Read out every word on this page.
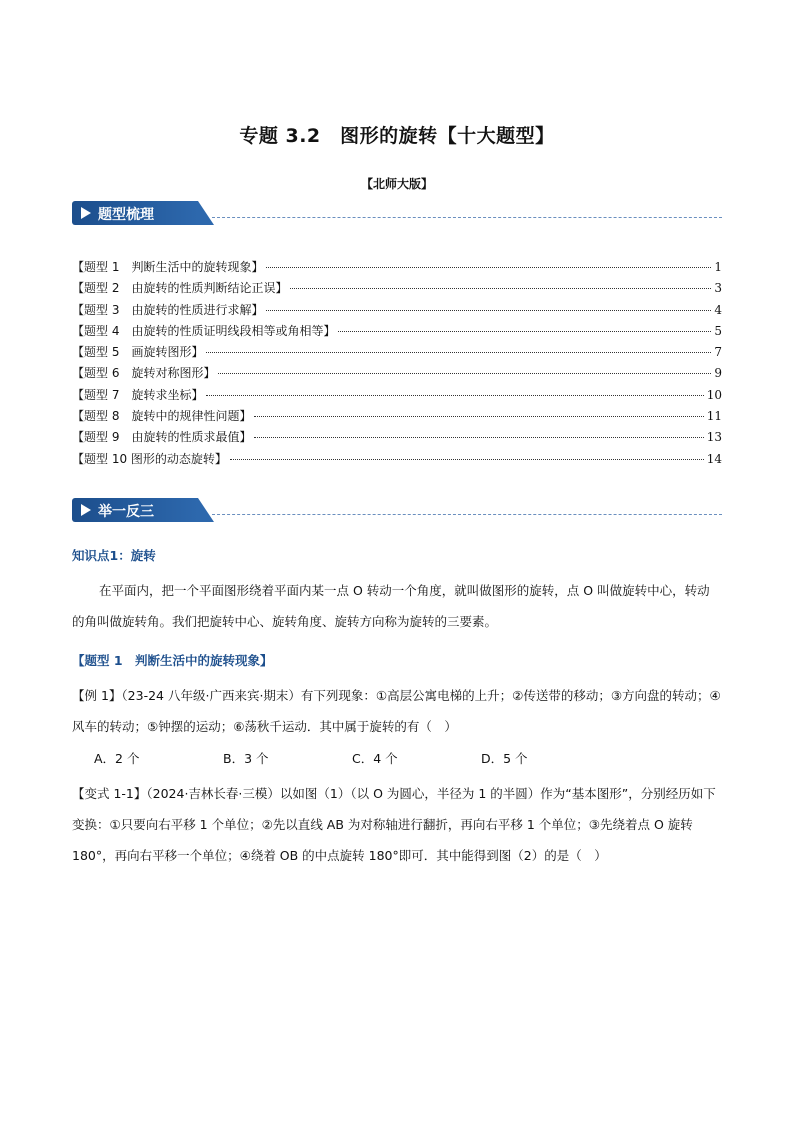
专题 3.2　图形的旋转【十大题型】
【北师大版】
题型梳理
【题型 1　判断生活中的旋转现象】	1
【题型 2　由旋转的性质判断结论正误】	3
【题型 3　由旋转的性质进行求解】	4
【题型 4　由旋转的性质证明线段相等或角相等】	5
【题型 5　画旋转图形】	7
【题型 6　旋转对称图形】	9
【题型 7　旋转求坐标】	10
【题型 8　旋转中的规律性问题】	11
【题型 9　由旋转的性质求最值】	13
【题型 10 图形的动态旋转】	14
举一反三
知识点1：旋转
在平面内，把一个平面图形绕着平面内某一点 O 转动一个角度，就叫做图形的旋转，点 O 叫做旋转中心，转动的角叫做旋转角。我们把旋转中心、旋转角度、旋转方向称为旋转的三要素。
【题型 1　判断生活中的旋转现象】
【例 1】（23-24 八年级·广西来宾·期末）有下列现象：①高层公寓电梯的上升；②传送带的移动；③方向盘的转动；④风车的转动；⑤钟摆的运动；⑥荡秋千运动．其中属于旋转的有（　）
A．2 个	B．3 个	C．4 个	D．5 个
【变式 1-1】（2024·吉林长春·三模）以如图（1）（以 O 为圆心，半径为 1 的半圆）作为“基本图形”，分别经历如下变换：①只要向右平移 1 个单位；②先以直线 AB 为对称轴进行翻折，再向右平移 1 个单位；③先绕着点 O 旋转 180°，再向右平移一个单位；④绕着 OB 的中点旋转 180°即可．其中能得到图（2）的是（　）
